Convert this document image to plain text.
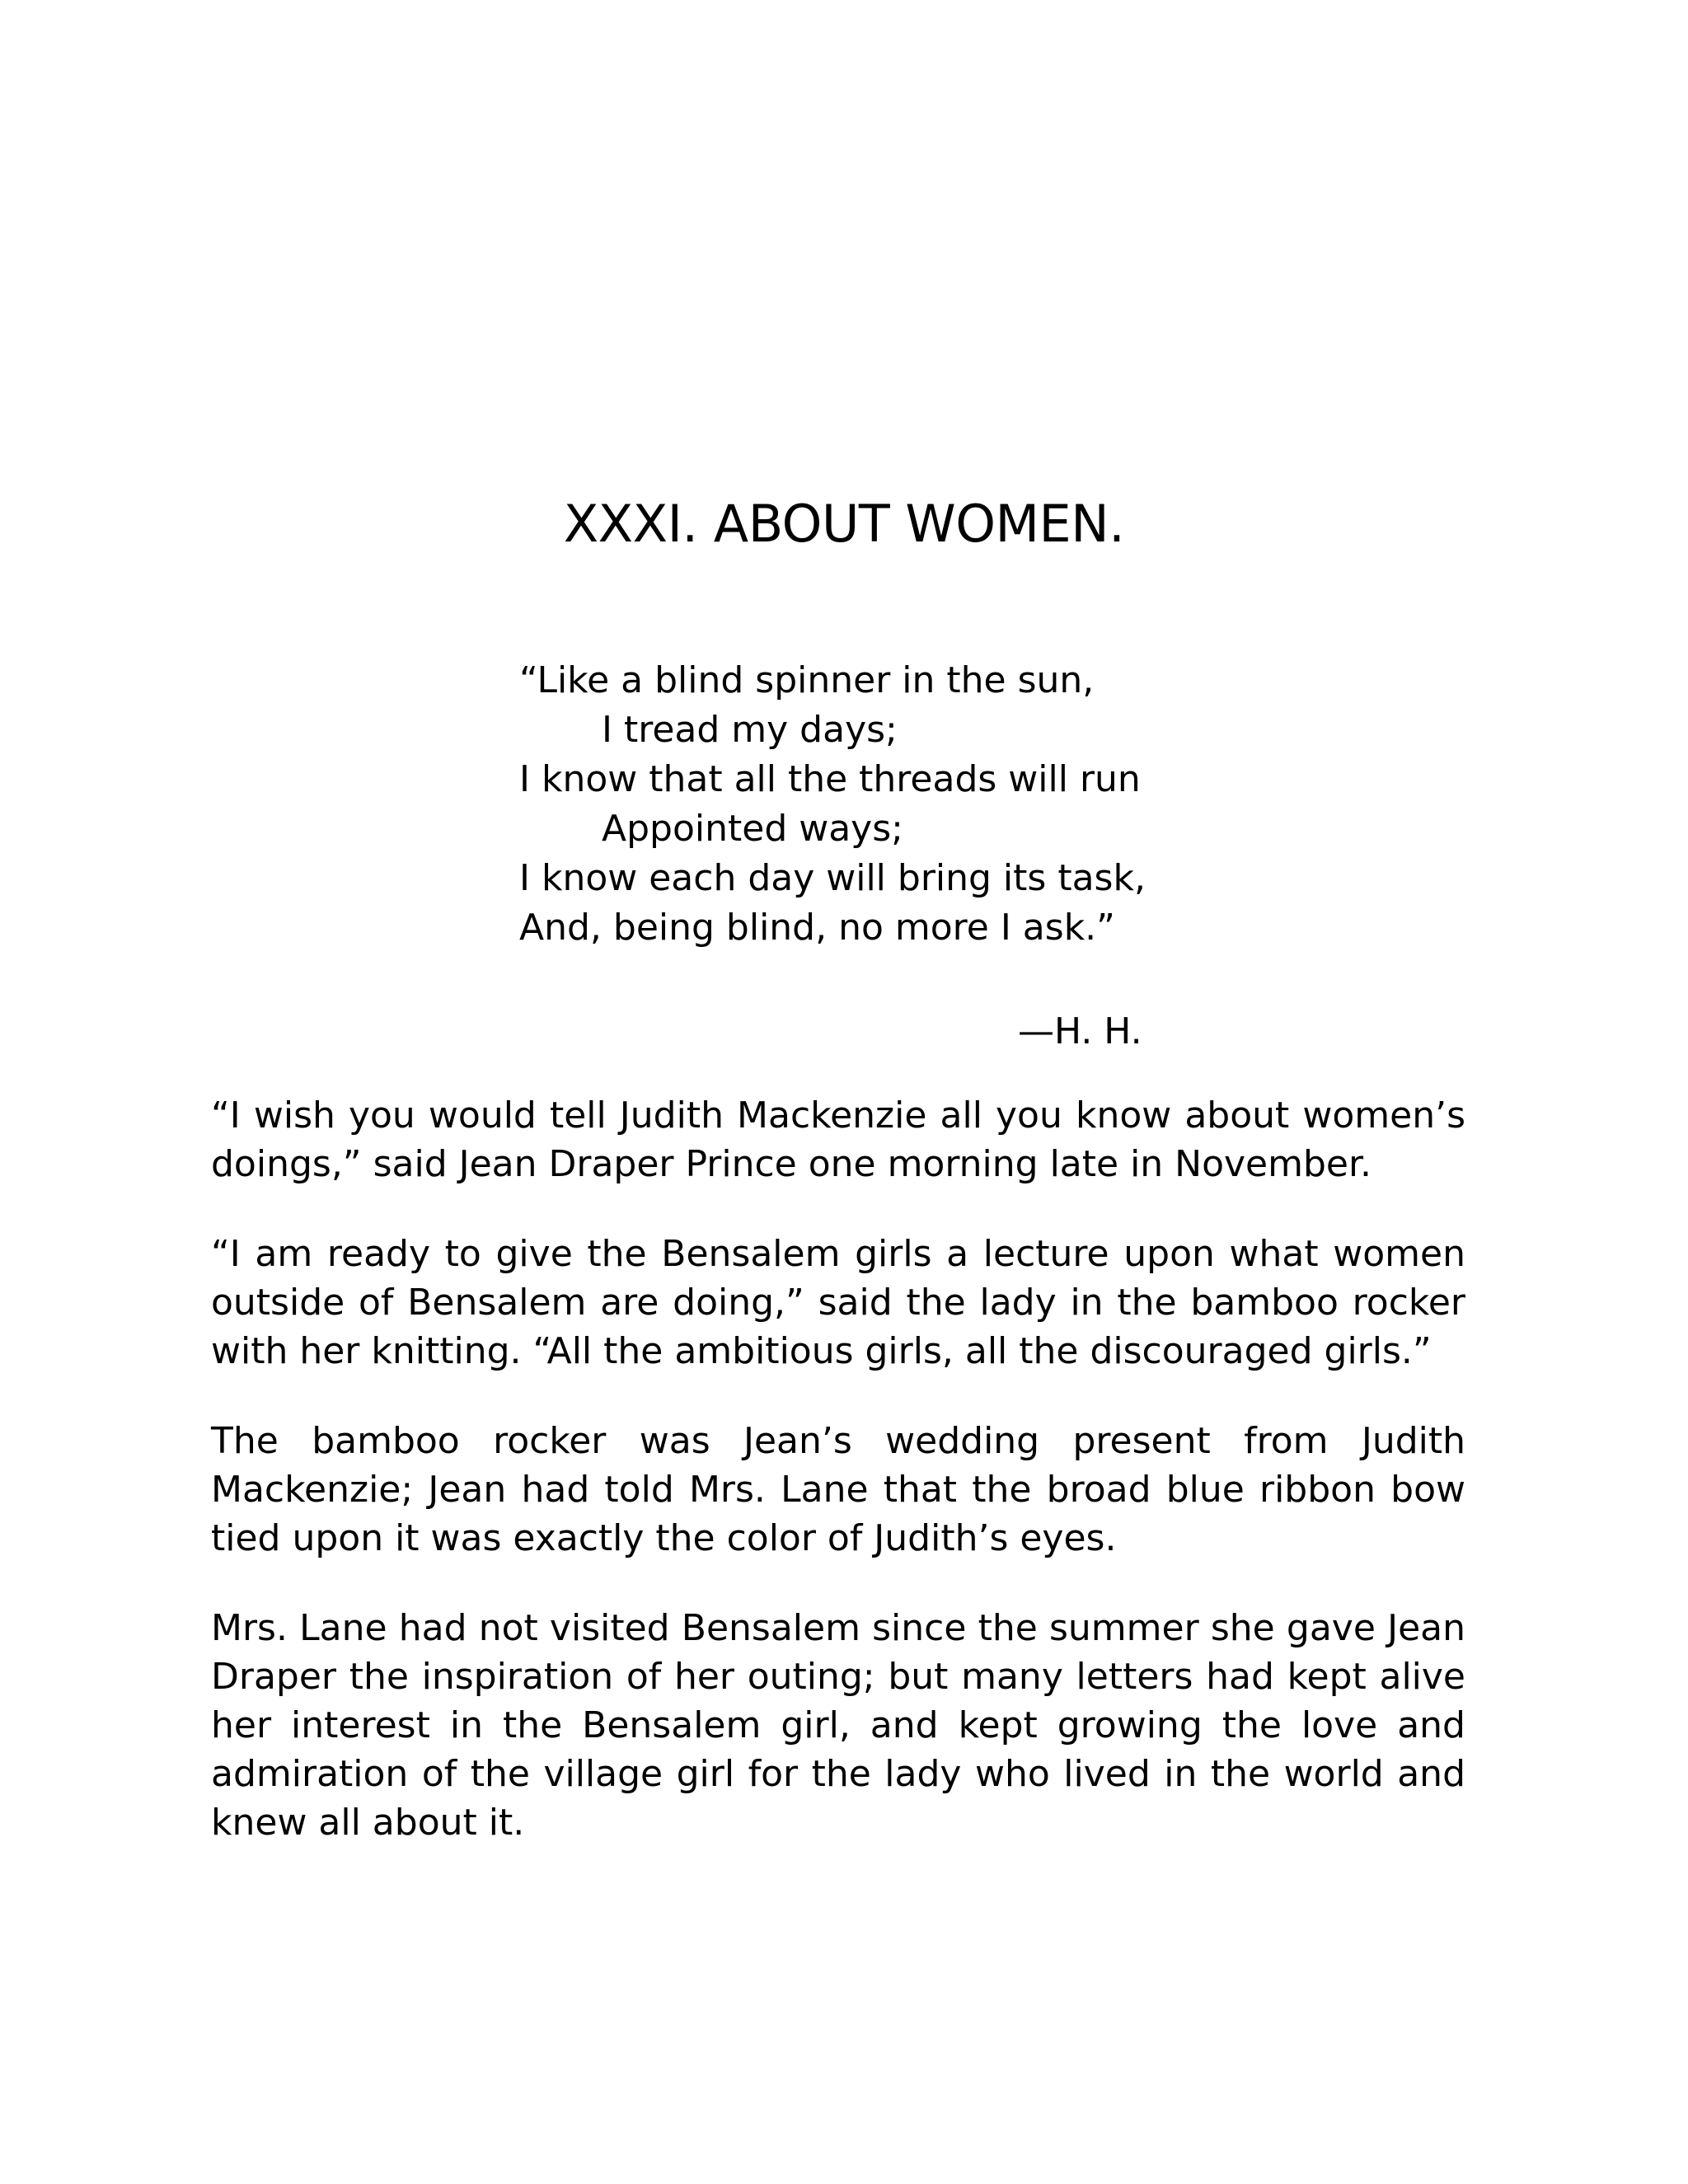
XXXI. ABOUT WOMEN.
“Like a blind spinner in the sun,
I tread my days;
I know that all the threads will run
Appointed ways;
I know each day will bring its task,
And, being blind, no more I ask.”
—H. H.

“I wish you would tell Judith Mackenzie all you know about women’s doings,” said Jean Draper Prince one morning late in November.

“I am ready to give the Bensalem girls a lecture upon what women outside of Bensalem are doing,” said the lady in the bamboo rocker with her knitting. “All the ambitious girls, all the discouraged girls.”

The bamboo rocker was Jean’s wedding present from Judith Mackenzie; Jean had told Mrs. Lane that the broad blue ribbon bow tied upon it was exactly the color of Judith’s eyes.

Mrs. Lane had not visited Bensalem since the summer she gave Jean Draper the inspiration of her outing; but many letters had kept alive her interest in the Bensalem girl, and kept growing the love and admiration of the village girl for the lady who lived in the world and knew all about it.
